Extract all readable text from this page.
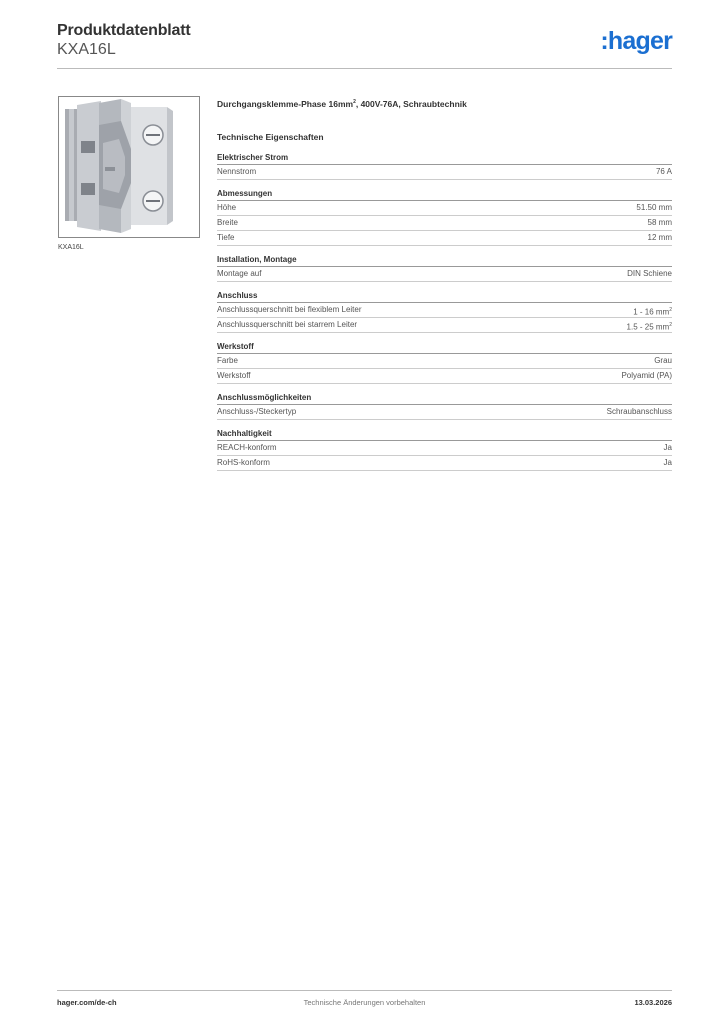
Produktdatenblatt
KXA16L	:hager
KXA16L
Durchgangsklemme-Phase $16mm^2$, 400V-76A, Schraubtechnik
Technische Eigenschaften
Elektrischer Strom
Nennstrom	76 A
Abmessungen
Höhe	51.50 mm
Breite	58 mm
Tiefe	12 mm
Installation, Montage
Montage auf	DIN Schiene
Anschluss
Anschlussquerschnitt bei flexiblem Leiter	1 - 16 $mm^2$
Anschlussquerschnitt bei starrem Leiter	1.5 - 25 $mm^2$
Werkstoff
Farbe	Grau
Werkstoff	Polyamid (PA)
Anschlussmöglichkeiten
Anschluss-/Steckertyp	Schraubanschluss
Nachhaltigkeit
REACH-konform	Ja
RoHS-konform	Ja
hager.com/de-ch	Technische Änderungen vorbehalten	13.03.2026
